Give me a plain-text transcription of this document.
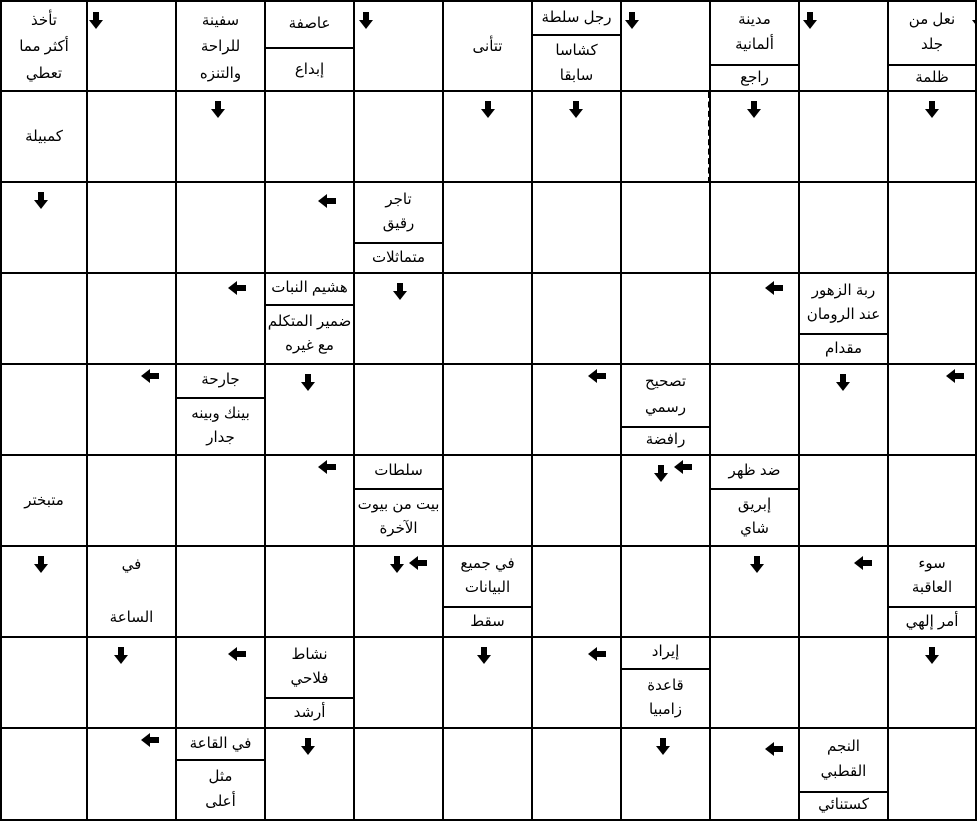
تأخذ
أكثر مما
تعطي
سفينة
للراحة
والتنزه
عاصفة
إبداع
تتأنى
رجل سلطة
كشاسا
سابقا
مدينة
ألمانية
راجع
نعل من
جلد
ظلمة
كمبيلة
تاجر
رقيق
متماثلات
هشيم النبات
ضمير المتكلم
مع غيره
ربة الزهور
عند الرومان
مقدام
جارحة
بينك وبينه
جدار
تصحيح
رسمي
رافضة
متبختر
سلطات
بيت من بيوت
الآخرة
ضد ظهر
إبريق
شاي
في

الساعة
في جميع
البيانات
سقط
سوء
العاقبة
أمر إلهي
نشاط
فلاحي
أرشد
إيراد
قاعدة
زامبيا
في القاعة
مثل
أعلى
النجم
القطبي
كستنائي
